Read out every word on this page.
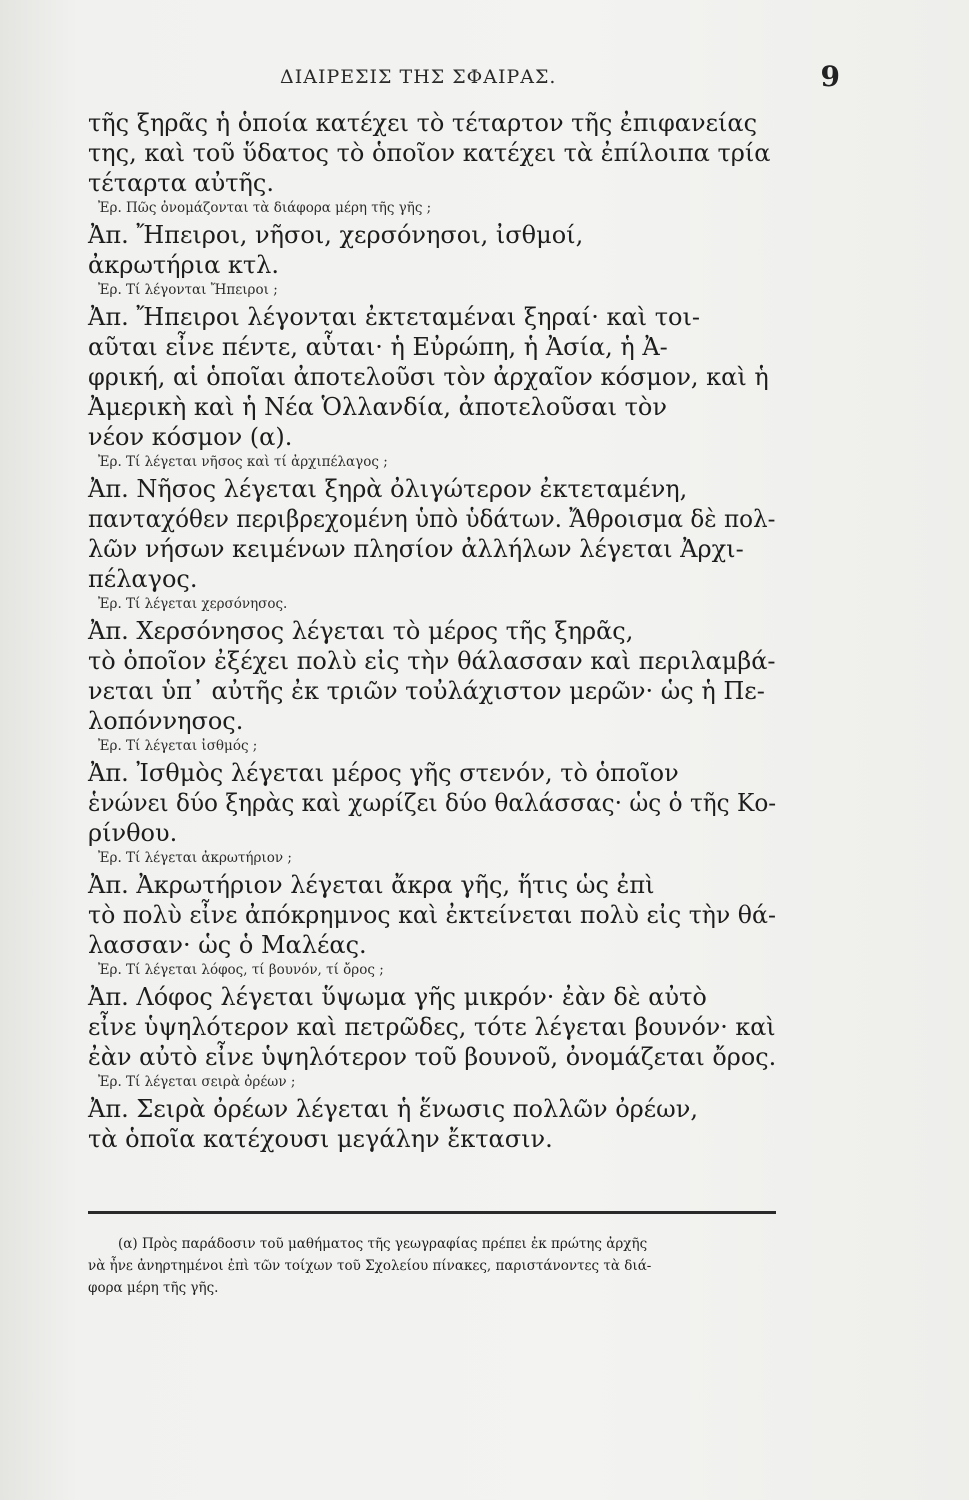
ΔΙΑΙΡΕΣΙΣ ΤΗΣ ΣΦΑΙΡΑΣ.	9
τῆς ξηρᾶς ἡ ὁποία κατέχει τὸ τέταρτον τῆς ἐπιφανείας
της, καὶ τοῦ ὕδατος τὸ ὁποῖον κατέχει τὰ ἐπίλοιπα τρία
τέταρτα αὐτῆς.
Ἐρ. Πῶς ὀνομάζονται τὰ διάφορα μέρη τῆς γῆς ;
Ἀπ. Ἤπειροι, νῆσοι, χερσόνησοι, ἰσθμοί,
ἀκρωτήρια κτλ.
Ἐρ. Τί λέγονται Ἤπειροι ;
Ἀπ. Ἤπειροι λέγονται ἐκτεταμέναι ξηραί· καὶ τοι-
αῦται εἶνε πέντε, αὗται· ἡ Εὐρώπη, ἡ Ἀσία, ἡ Ἀ-
φρική, αἱ ὁποῖαι ἀποτελοῦσι τὸν ἀρχαῖον κόσμον, καὶ ἡ
Ἀμερικὴ καὶ ἡ Νέα Ὁλλανδία, ἀποτελοῦσαι τὸν
νέον κόσμον (α).
Ἐρ. Τί λέγεται νῆσος καὶ τί ἀρχιπέλαγος ;
Ἀπ. Νῆσος λέγεται ξηρὰ ὀλιγώτερον ἐκτεταμένη,
πανταχόθεν περιβρεχομένη ὑπὸ ὑδάτων. Ἄθροισμα δὲ πολ-
λῶν νήσων κειμένων πλησίον ἀλλήλων λέγεται Ἀρχι-
πέλαγος.
Ἐρ. Τί λέγεται χερσόνησος.
Ἀπ. Χερσόνησος λέγεται τὸ μέρος τῆς ξηρᾶς,
τὸ ὁποῖον ἐξέχει πολὺ εἰς τὴν θάλασσαν καὶ περιλαμβά-
νεται ὑπ᾽ αὐτῆς ἐκ τριῶν τοὐλάχιστον μερῶν· ὡς ἡ Πε-
λοπόννησος.
Ἐρ. Τί λέγεται ἰσθμός ;
Ἀπ. Ἰσθμὸς λέγεται μέρος γῆς στενόν, τὸ ὁποῖον
ἑνώνει δύο ξηρὰς καὶ χωρίζει δύο θαλάσσας· ὡς ὁ τῆς Κο-
ρίνθου.
Ἐρ. Τί λέγεται ἀκρωτήριον ;
Ἀπ. Ἀκρωτήριον λέγεται ἄκρα γῆς, ἥτις ὡς ἐπὶ
τὸ πολὺ εἶνε ἀπόκρημνος καὶ ἐκτείνεται πολὺ εἰς τὴν θά-
λασσαν· ὡς ὁ Μαλέας.
Ἐρ. Τί λέγεται λόφος, τί βουνόν, τί ὄρος ;
Ἀπ. Λόφος λέγεται ὕψωμα γῆς μικρόν· ἐὰν δὲ αὐτὸ
εἶνε ὑψηλότερον καὶ πετρῶδες, τότε λέγεται βουνόν· καὶ
ἐὰν αὐτὸ εἶνε ὑψηλότερον τοῦ βουνοῦ, ὀνομάζεται ὄρος.
Ἐρ. Τί λέγεται σειρὰ ὀρέων ;
Ἀπ. Σειρὰ ὀρέων λέγεται ἡ ἕνωσις πολλῶν ὀρέων,
τὰ ὁποῖα κατέχουσι μεγάλην ἔκτασιν.
(α) Πρὸς παράδοσιν τοῦ μαθήματος τῆς γεωγραφίας πρέπει ἐκ πρώτης ἀρχῆς
νὰ ἦνε ἀνηρτημένοι ἐπὶ τῶν τοίχων τοῦ Σχολείου πίνακες, παριστάνοντες τὰ διά-
φορα μέρη τῆς γῆς.
